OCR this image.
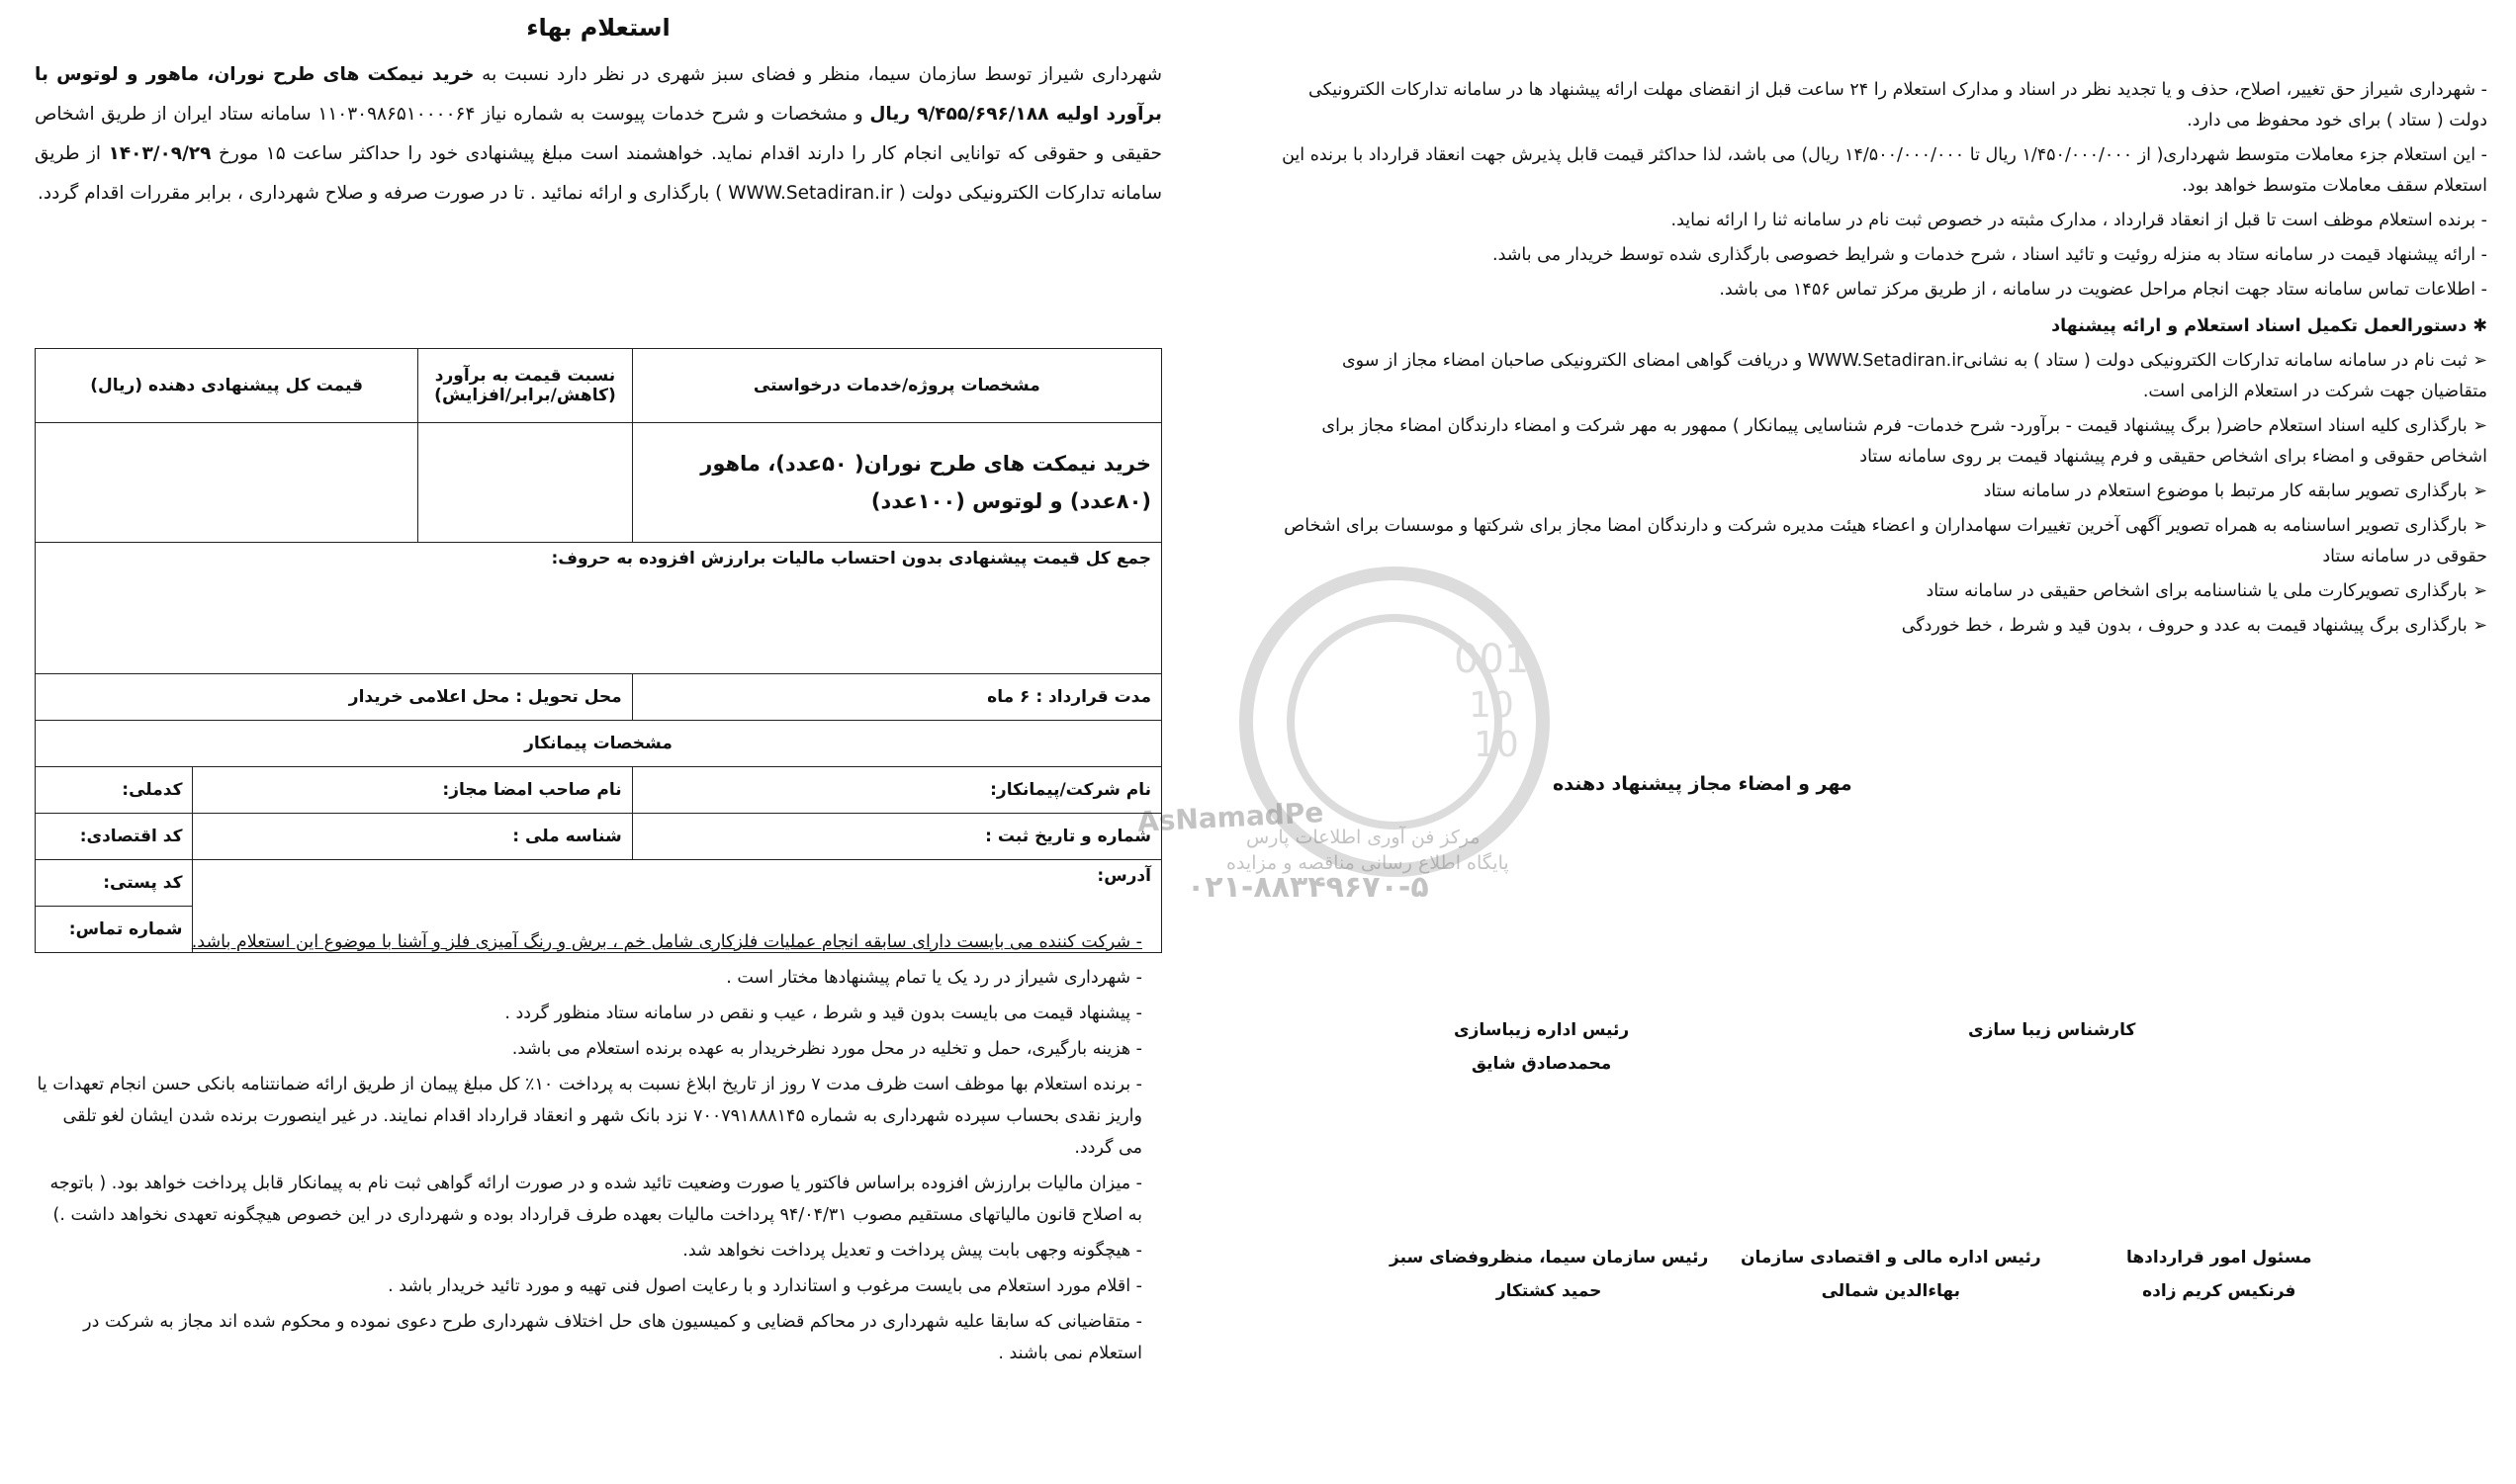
001
10
10
AsNamadPe
مرکز فن آوری اطلاعات پارس
پایگاه اطلاع رسانی مناقصه و مزایده
۰۲۱-۸۸۳۴۹۶۷۰-۵
استعلام بهاء
شهرداری شیراز توسط سازمان سیما، منظر و فضای سبز شهری در نظر دارد نسبت به خرید نیمکت های طرح نوران، ماهور و لوتوس با برآورد اولیه ۹/۴۵۵/۶۹۶/۱۸۸ ریال و مشخصات و شرح خدمات پیوست به شماره نیاز ۱۱۰۳۰۹۸۶۵۱۰۰۰۰۶۴ سامانه ستاد ایران از طریق اشخاص حقیقی و حقوقی که توانایی انجام کار را دارند اقدام نماید. خواهشمند است مبلغ پیشنهادی خود را حداکثر ساعت ۱۵ مورخ ۱۴۰۳/۰۹/۲۹ از طریق سامانه تدارکات الکترونیکی دولت ( WWW.Setadiran.ir ) بارگذاری و ارائه نمائید . تا در صورت صرفه و صلاح شهرداری ، برابر مقررات اقدام گردد.
مشخصات پروژه/خدمات درخواستی	نسبت قیمت به برآورد (کاهش/برابر/افزایش)	قیمت کل پیشنهادی دهنده (ریال)	
خرید نیمکت های طرح نوران( ۵۰عدد)، ماهور (۸۰عدد) و لوتوس (۱۰۰عدد)			
جمع کل قیمت پیشنهادی بدون احتساب مالیات برارزش افزوده به حروف:			
مدت قرارداد : ۶ ماه	محل تحویل : محل اعلامی خریدار		
مشخصات پیمانکار			
نام شرکت/پیمانکار:	نام صاحب امضا مجاز:		کدملی:
شماره و تاریخ ثبت :	شناسه ملی :		کد اقتصادی:
آدرس:			کد پستی:
			شماره تماس:
- شرکت کننده می بایست دارای سابقه انجام عملیات فلزکاری شامل خم ، برش و رنگ آمیزی فلز و آشنا با موضوع این استعلام باشد.
- شهرداری شیراز در رد یک یا تمام پیشنهادها مختار است .
- پیشنهاد قیمت می بایست بدون قید و شرط ، عیب و نقص در سامانه ستاد منظور گردد .
- هزینه بارگیری، حمل و تخلیه در محل مورد نظرخریدار به عهده برنده استعلام می باشد.
- برنده استعلام بها موظف است ظرف مدت ۷ روز از تاریخ ابلاغ نسبت به پرداخت ۱۰٪ کل مبلغ پیمان از طریق ارائه ضمانتنامه بانکی حسن انجام تعهدات یا واریز نقدی بحساب سپرده شهرداری به شماره ۷۰۰۷۹۱۸۸۸۱۴۵ نزد بانک شهر و انعقاد قرارداد اقدام نمایند. در غیر اینصورت برنده شدن ایشان لغو تلقی می گردد.
- میزان مالیات برارزش افزوده براساس فاکتور یا صورت وضعیت تائید شده و در صورت ارائه گواهی ثبت نام به پیمانکار قابل پرداخت خواهد بود. ( باتوجه به اصلاح قانون مالیاتهای مستقیم مصوب ۹۴/۰۴/۳۱ پرداخت مالیات بعهده طرف قرارداد بوده و شهرداری در این خصوص هیچگونه تعهدی نخواهد داشت .)
- هیچگونه وجهی بابت پیش پرداخت و تعدیل پرداخت نخواهد شد.
- اقلام مورد استعلام می بایست مرغوب و استاندارد و با رعایت اصول فنی تهیه و مورد تائید خریدار باشد .
- متقاضیانی که سابقا علیه شهرداری در محاکم قضایی و کمیسیون های حل اختلاف شهرداری طرح دعوی نموده و محکوم شده اند مجاز به شرکت در استعلام نمی باشند .
- شهرداری شیراز حق تغییر، اصلاح، حذف و یا تجدید نظر در اسناد و مدارک استعلام را ۲۴ ساعت قبل از انقضای مهلت ارائه پیشنهاد ها در سامانه تدارکات الکترونیکی دولت ( ستاد ) برای خود محفوظ می دارد.
- این استعلام جزء معاملات متوسط شهرداری( از ۱/۴۵۰/۰۰۰/۰۰۰ ریال تا ۱۴/۵۰۰/۰۰۰/۰۰۰ ریال) می باشد، لذا حداکثر قیمت قابل پذیرش جهت انعقاد قرارداد با برنده این استعلام سقف معاملات متوسط خواهد بود.
- برنده استعلام موظف است تا قبل از انعقاد قرارداد ، مدارک مثبته در خصوص ثبت نام در سامانه ثنا را ارائه نماید.
- ارائه پیشنهاد قیمت در سامانه ستاد به منزله روئیت و تائید اسناد ، شرح خدمات و شرایط خصوصی بارگذاری شده توسط خریدار می باشد.
- اطلاعات تماس سامانه ستاد جهت انجام مراحل عضویت در سامانه ، از طریق مرکز تماس ۱۴۵۶ می باشد.
✱ دستورالعمل تکمیل اسناد استعلام و ارائه پیشنهاد
➢ ثبت نام در سامانه سامانه تدارکات الکترونیکی دولت ( ستاد ) به نشانیWWW.Setadiran.ir و دریافت گواهی امضای الکترونیکی صاحبان امضاء مجاز از سوی متقاضیان جهت شرکت در استعلام الزامی است.
➢ بارگذاری کلیه اسناد استعلام حاضر( برگ پیشنهاد قیمت - برآورد- شرح خدمات- فرم شناسایی پیمانکار ) ممهور به مهر شرکت و امضاء دارندگان امضاء مجاز برای اشخاص حقوقی و امضاء برای اشخاص حقیقی و فرم پیشنهاد قیمت بر روی سامانه ستاد
➢ بارگذاری تصویر سابقه کار مرتبط با موضوع استعلام در سامانه ستاد
➢ بارگذاری تصویر اساسنامه به همراه تصویر آگهی آخرین تغییرات سهامداران و اعضاء هیئت مدیره شرکت و دارندگان امضا مجاز برای شرکتها و موسسات برای اشخاص حقوقی در سامانه ستاد
➢ بارگذاری تصویرکارت ملی یا شناسنامه برای اشخاص حقیقی در سامانه ستاد
➢ بارگذاری برگ پیشنهاد قیمت به عدد و حروف ، بدون قید و شرط ، خط خوردگی
مهر و امضاء مجاز پیشنهاد دهنده
کارشناس زیبا سازی
رئیس اداره زیباسازی
محمدصادق شایق
مسئول امور قراردادها
فرنکیس کریم زاده
رئیس اداره مالی و اقتصادی سازمان
بهاءالدین شمالی
رئیس سازمان سیما، منظروفضای سبز
حمید کشتکار
